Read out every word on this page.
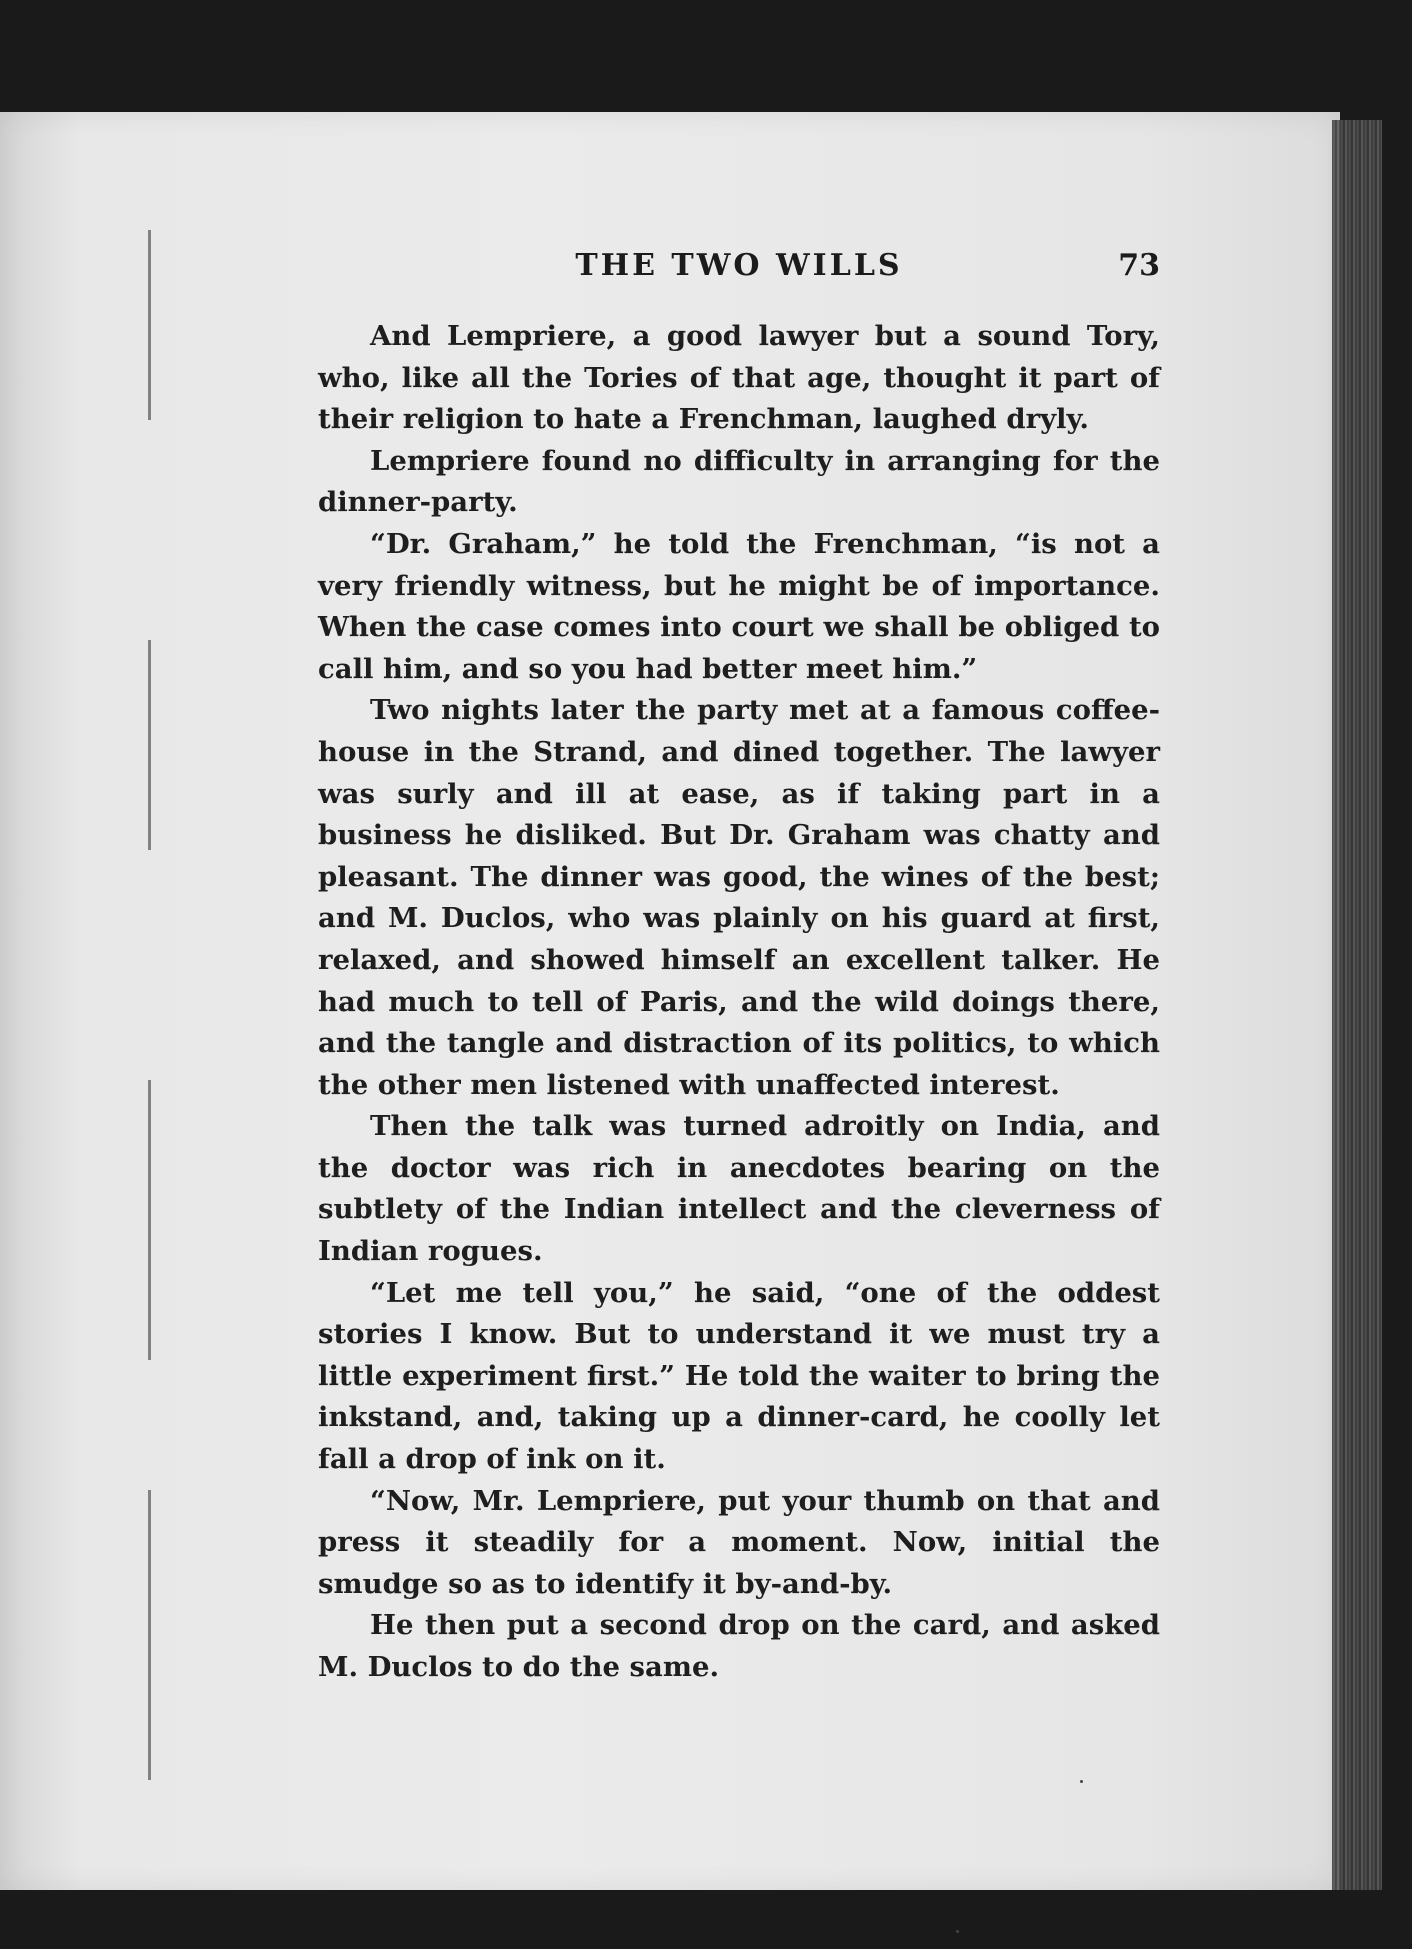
THE TWO WILLS	73

And Lempriere, a good lawyer but a sound Tory, who, like all the Tories of that age, thought it part of their religion to hate a Frenchman, laughed dryly.

Lempriere found no difficulty in arranging for the dinner-party.

“Dr. Graham,” he told the Frenchman, “is not a very friendly witness, but he might be of importance. When the case comes into court we shall be obliged to call him, and so you had better meet him.”

Two nights later the party met at a famous coffee-house in the Strand, and dined together. The lawyer was surly and ill at ease, as if taking part in a business he disliked. But Dr. Graham was chatty and pleasant. The dinner was good, the wines of the best; and M. Duclos, who was plainly on his guard at first, relaxed, and showed himself an excellent talker. He had much to tell of Paris, and the wild doings there, and the tangle and distraction of its politics, to which the other men listened with unaffected interest.

Then the talk was turned adroitly on India, and the doctor was rich in anecdotes bearing on the subtlety of the Indian intellect and the cleverness of Indian rogues.

“Let me tell you,” he said, “one of the oddest stories I know. But to understand it we must try a little experiment first.” He told the waiter to bring the inkstand, and, taking up a dinner-card, he coolly let fall a drop of ink on it.

“Now, Mr. Lempriere, put your thumb on that and press it steadily for a moment. Now, initial the smudge so as to identify it by-and-by.

He then put a second drop on the card, and asked M. Duclos to do the same.
